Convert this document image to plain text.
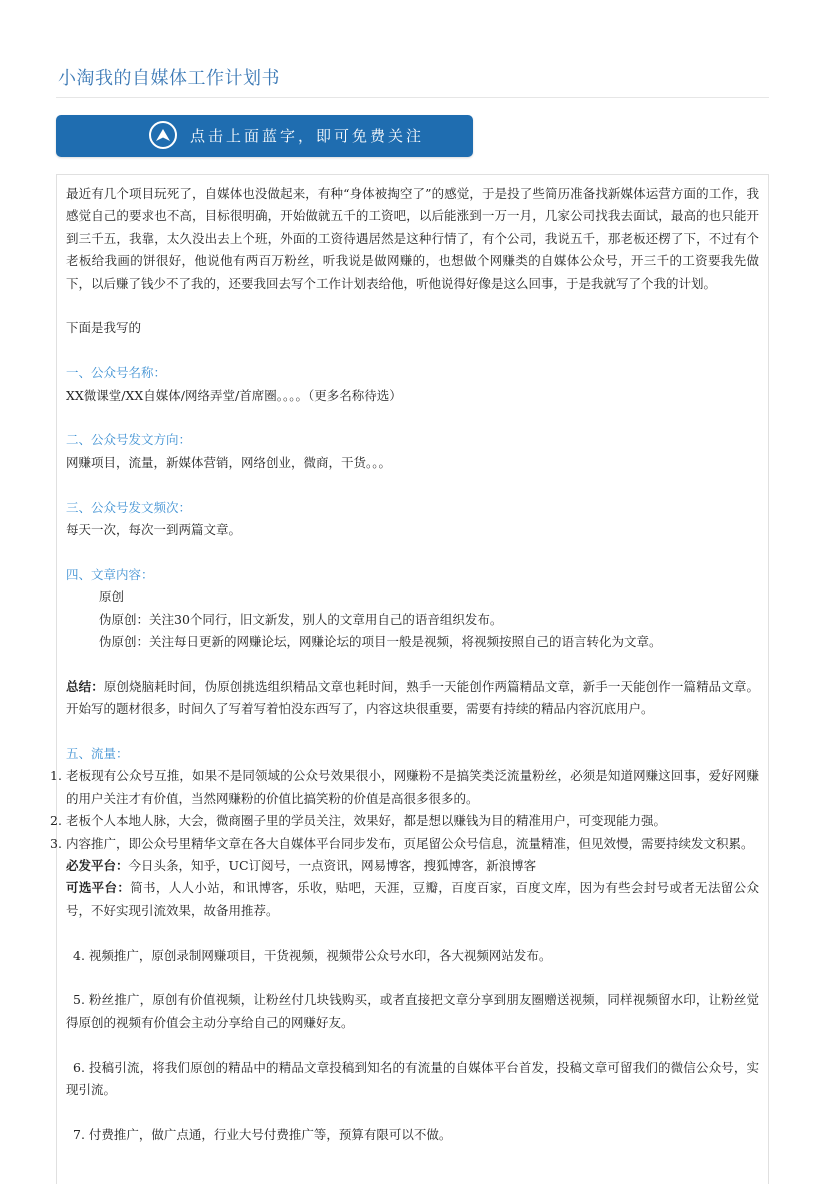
小淘我的自媒体工作计划书
点击上面蓝字，即可免费关注

最近有几个项目玩死了，自媒体也没做起来，有种“身体被掏空了”的感觉，于是投了些简历准备找新媒体运营方面的工作，我感觉自己的要求也不高，目标很明确，开始做就五千的工资吧，以后能涨到一万一月，几家公司找我去面试，最高的也只能开到三千五，我靠，太久没出去上个班，外面的工资待遇居然是这种行情了，有个公司，我说五千，那老板还楞了下，不过有个老板给我画的饼很好，他说他有两百万粉丝，听我说是做网赚的，也想做个网赚类的自媒体公众号，开三千的工资要我先做下，以后赚了钱少不了我的，还要我回去写个工作计划表给他，听他说得好像是这么回事，于是我就写了个我的计划。

下面是我写的

一、公众号名称：

XX微课堂/XX自媒体/网络弄堂/首席圈。。。。（更多名称待选）

二、公众号发文方向：

网赚项目，流量，新媒体营销，网络创业，微商，干货。。。

三、公众号发文频次：

每天一次，每次一到两篇文章。

四、文章内容：

原创

伪原创：关注30个同行，旧文新发，别人的文章用自己的语音组织发布。

伪原创：关注每日更新的网赚论坛，网赚论坛的项目一般是视频，将视频按照自己的语言转化为文章。

总结：原创烧脑耗时间，伪原创挑选组织精品文章也耗时间，熟手一天能创作两篇精品文章，新手一天能创作一篇精品文章。开始写的题材很多，时间久了写着写着怕没东西写了，内容这块很重要，需要有持续的精品内容沉底用户。

五、流量：

1. 老板现有公众号互推，如果不是同领域的公众号效果很小，网赚粉不是搞笑类泛流量粉丝，必须是知道网赚这回事，爱好网赚的用户关注才有价值，当然网赚粉的价值比搞笑粉的价值是高很多很多的。
2. 老板个人本地人脉，大会，微商圈子里的学员关注，效果好，都是想以赚钱为目的精准用户，可变现能力强。
3. 内容推广，即公众号里精华文章在各大自媒体平台同步发布，页尾留公众号信息，流量精准，但见效慢，需要持续发文积累。

必发平台：今日头条，知乎，UC订阅号，一点资讯，网易博客，搜狐博客，新浪博客

可选平台：简书，人人小站，和讯博客，乐收，贴吧，天涯，豆瓣，百度百家，百度文库，因为有些会封号或者无法留公众号，不好实现引流效果，故备用推荐。

4. 视频推广，原创录制网赚项目，干货视频，视频带公众号水印，各大视频网站发布。

5. 粉丝推广，原创有价值视频，让粉丝付几块钱购买，或者直接把文章分享到朋友圈赠送视频，同样视频留水印，让粉丝觉得原创的视频有价值会主动分享给自己的网赚好友。

6. 投稿引流，将我们原创的精品中的精品文章投稿到知名的有流量的自媒体平台首发，投稿文章可留我们的微信公众号，实现引流。

7. 付费推广，做广点通，行业大号付费推广等，预算有限可以不做。
